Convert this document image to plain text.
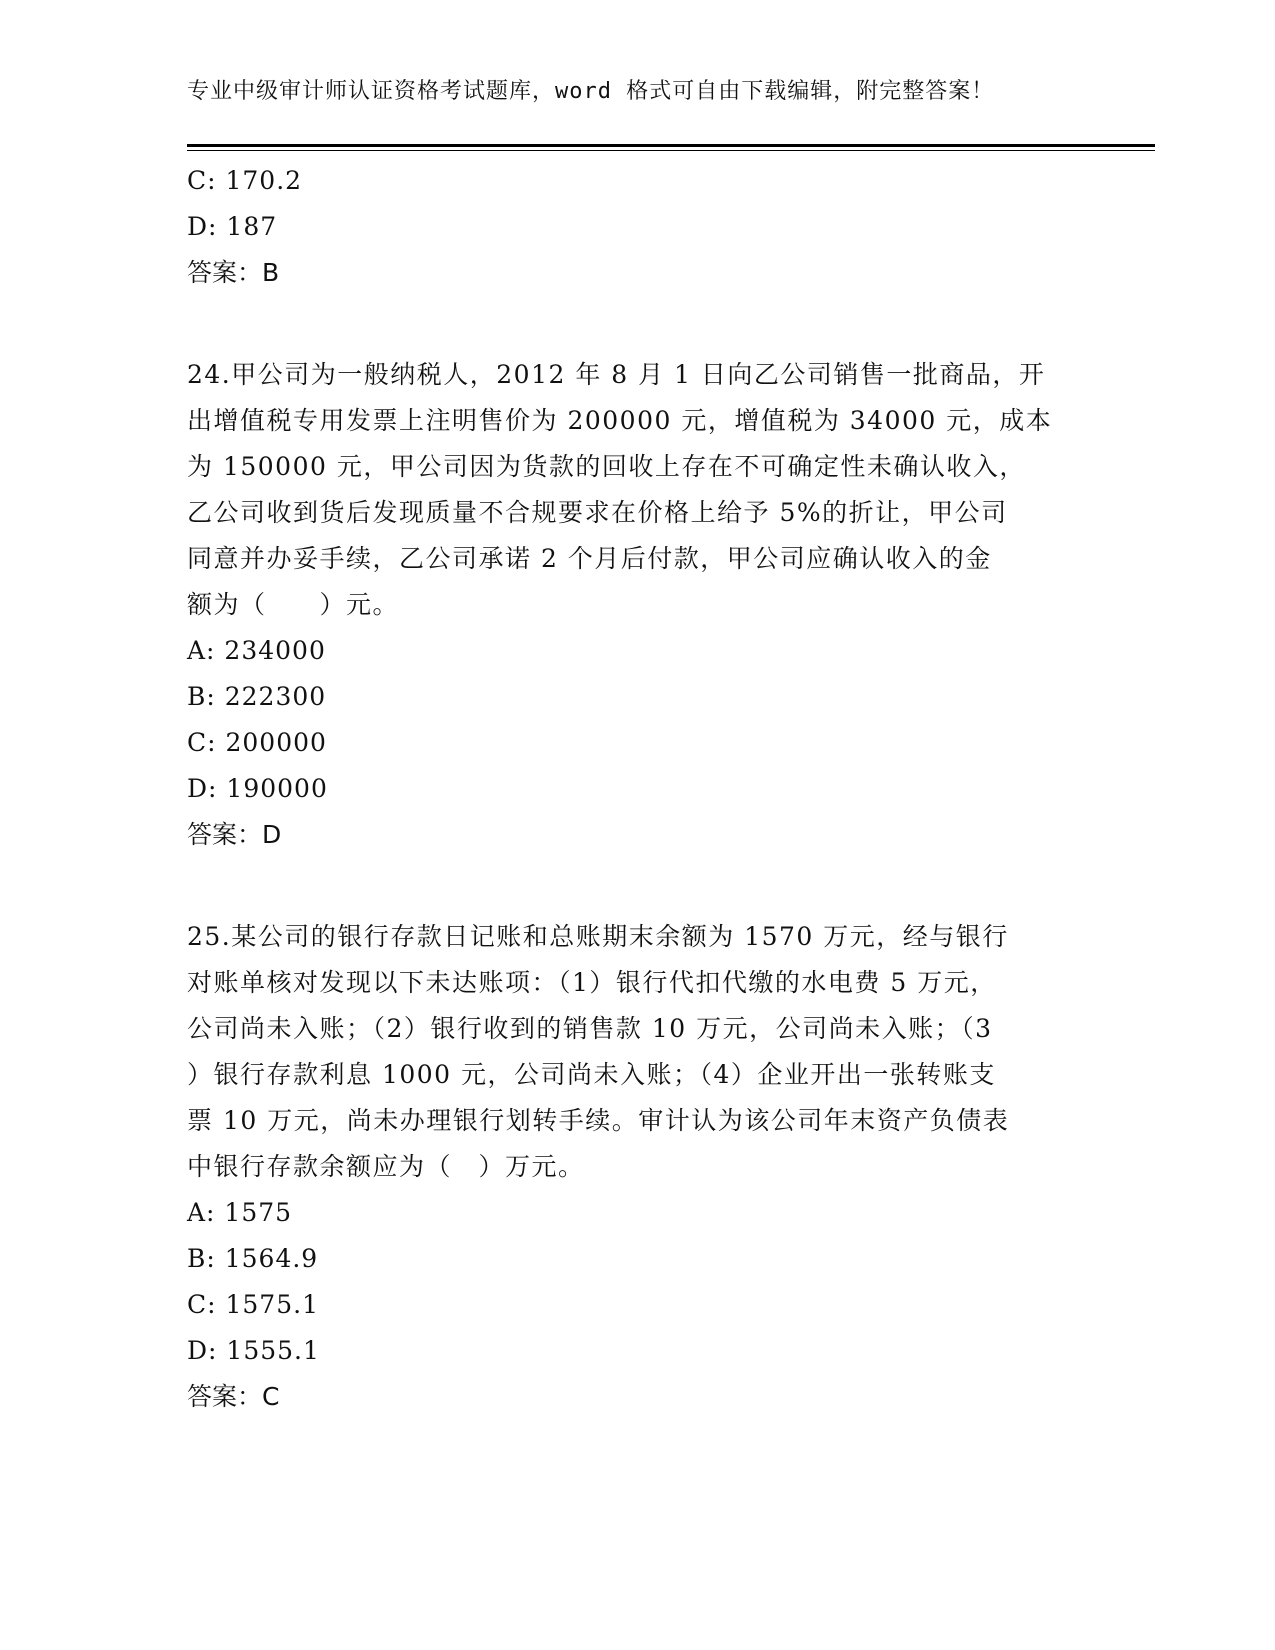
专业中级审计师认证资格考试题库，word 格式可自由下载编辑，附完整答案！
C: 170.2
D: 187
答案：B
24.甲公司为一般纳税人，2012 年 8 月 1 日向乙公司销售一批商品，开
出增值税专用发票上注明售价为 200000 元，增值税为 34000 元，成本
为 150000 元，甲公司因为货款的回收上存在不可确定性未确认收入，
乙公司收到货后发现质量不合规要求在价格上给予 5%的折让，甲公司
同意并办妥手续，乙公司承诺 2 个月后付款，甲公司应确认收入的金
额为（　　）元。
A: 234000
B: 222300
C: 200000
D: 190000
答案：D
25.某公司的银行存款日记账和总账期末余额为 1570 万元，经与银行
对账单核对发现以下未达账项：（1）银行代扣代缴的水电费 5 万元，
公司尚未入账；（2）银行收到的销售款 10 万元，公司尚未入账；（3
）银行存款利息 1000 元，公司尚未入账；（4）企业开出一张转账支
票 10 万元，尚未办理银行划转手续。审计认为该公司年末资产负债表
中银行存款余额应为（　）万元。
A: 1575
B: 1564.9
C: 1575.1
D: 1555.1
答案：C
